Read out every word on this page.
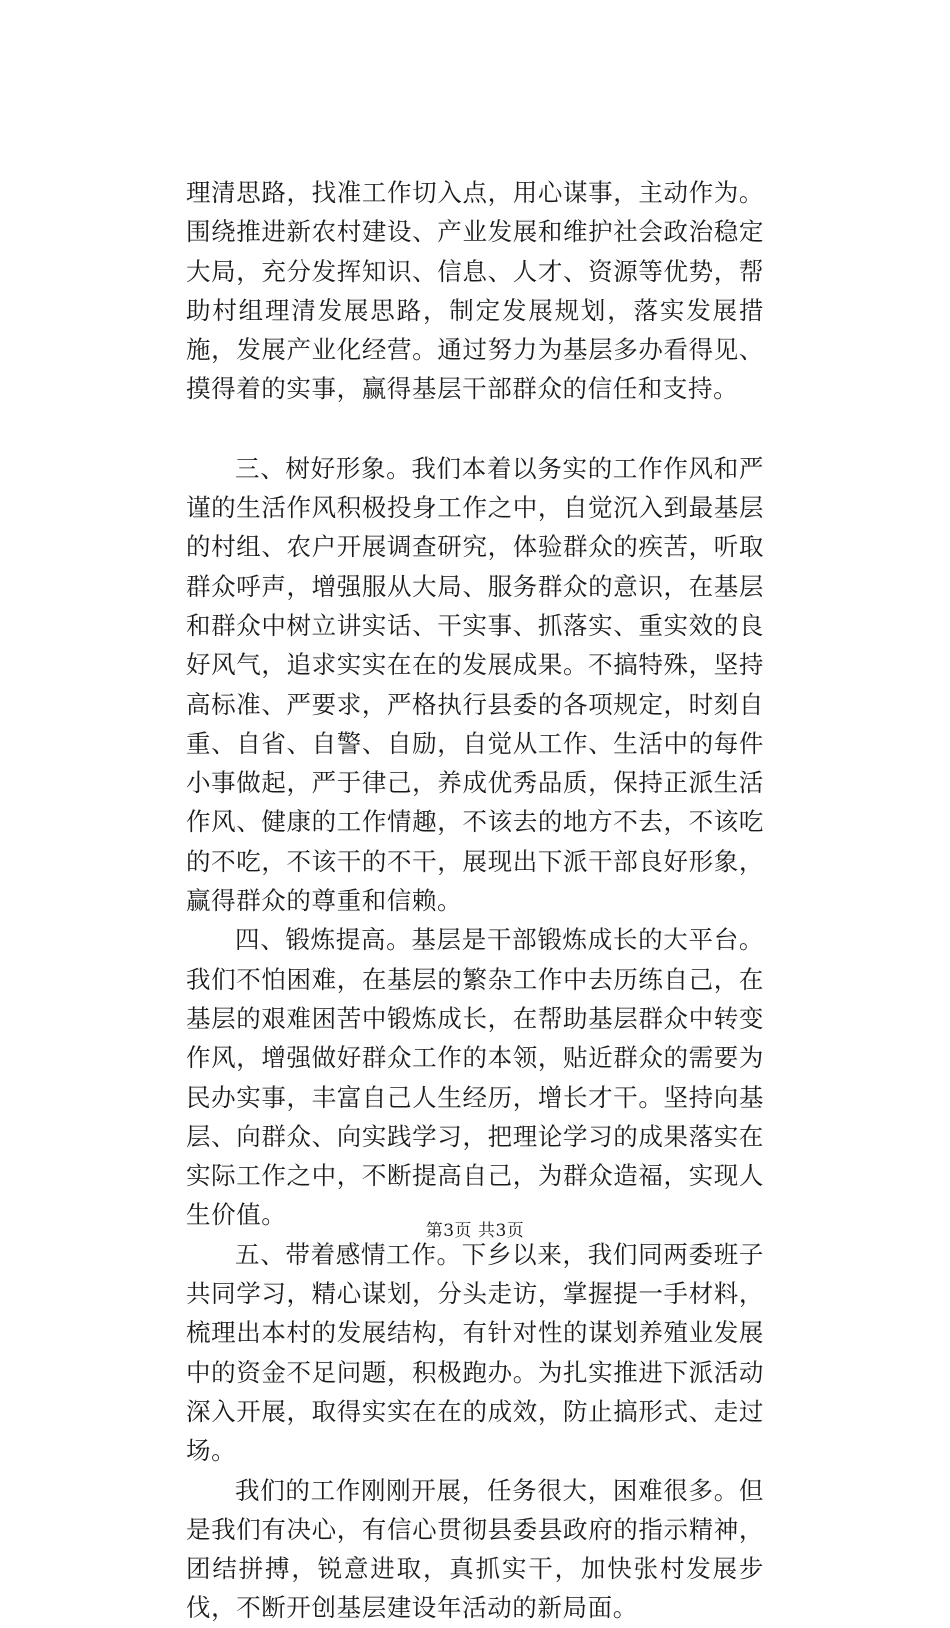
理清思路，找准工作切入点，用心谋事，主动作为。围绕推进新农村建设、产业发展和维护社会政治稳定大局，充分发挥知识、信息、人才、资源等优势，帮助村组理清发展思路，制定发展规划，落实发展措施，发展产业化经营。通过努力为基层多办看得见、摸得着的实事，赢得基层干部群众的信任和支持。

三、树好形象。我们本着以务实的工作作风和严谨的生活作风积极投身工作之中，自觉沉入到最基层的村组、农户开展调查研究，体验群众的疾苦，听取群众呼声，增强服从大局、服务群众的意识，在基层和群众中树立讲实话、干实事、抓落实、重实效的良好风气，追求实实在在的发展成果。不搞特殊，坚持高标准、严要求，严格执行县委的各项规定，时刻自重、自省、自警、自励，自觉从工作、生活中的每件小事做起，严于律己，养成优秀品质，保持正派生活作风、健康的工作情趣，不该去的地方不去，不该吃的不吃，不该干的不干，展现出下派干部良好形象，赢得群众的尊重和信赖。

四、锻炼提高。基层是干部锻炼成长的大平台。我们不怕困难，在基层的繁杂工作中去历练自己，在基层的艰难困苦中锻炼成长，在帮助基层群众中转变作风，增强做好群众工作的本领，贴近群众的需要为民办实事，丰富自己人生经历，增长才干。坚持向基层、向群众、向实践学习，把理论学习的成果落实在实际工作之中，不断提高自己，为群众造福，实现人生价值。

五、带着感情工作。下乡以来，我们同两委班子共同学习，精心谋划，分头走访，掌握提一手材料，梳理出本村的发展结构，有针对性的谋划养殖业发展中的资金不足问题，积极跑办。为扎实推进下派活动深入开展，取得实实在在的成效，防止搞形式、走过场。

我们的工作刚刚开展，任务很大，困难很多。但是我们有决心，有信心贯彻县委县政府的指示精神，团结拼搏，锐意进取，真抓实干，加快张村发展步伐，不断开创基层建设年活动的新局面。

第3页 共3页
